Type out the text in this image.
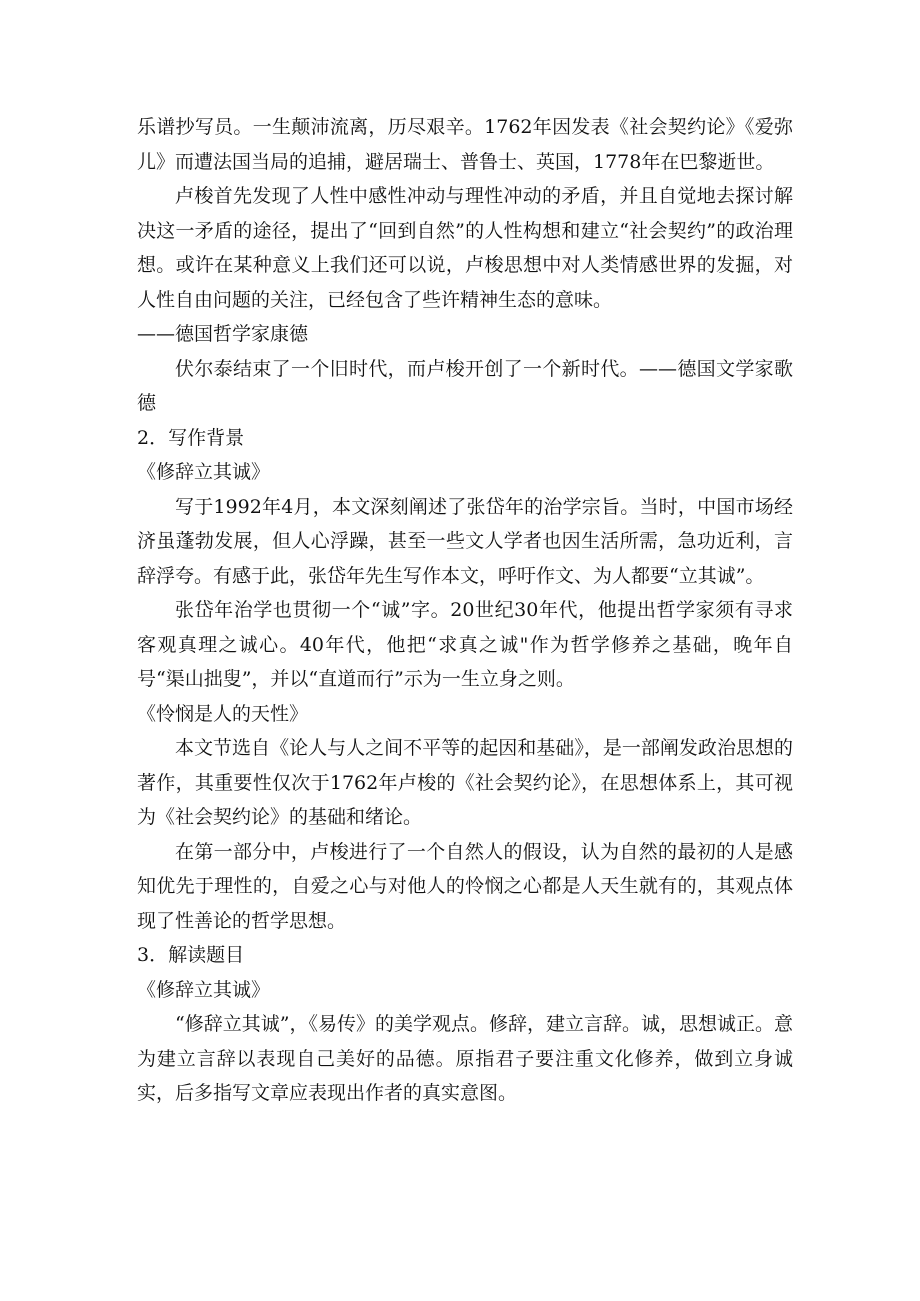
乐谱抄写员。一生颠沛流离，历尽艰辛。1762年因发表《社会契约论》《爱弥儿》而遭法国当局的追捕，避居瑞士、普鲁士、英国，1778年在巴黎逝世。

卢梭首先发现了人性中感性冲动与理性冲动的矛盾，并且自觉地去探讨解决这一矛盾的途径，提出了“回到自然”的人性构想和建立“社会契约”的政治理想。或许在某种意义上我们还可以说，卢梭思想中对人类情感世界的发掘，对人性自由问题的关注，已经包含了些许精神生态的意味。

——德国哲学家康德

伏尔泰结束了一个旧时代，而卢梭开创了一个新时代。——德国文学家歌德

2．写作背景

《修辞立其诚》

写于1992年4月，本文深刻阐述了张岱年的治学宗旨。当时，中国市场经济虽蓬勃发展，但人心浮躁，甚至一些文人学者也因生活所需，急功近利，言辞浮夸。有感于此，张岱年先生写作本文，呼吁作文、为人都要“立其诚”。

张岱年治学也贯彻一个“诚”字。20世纪30年代，他提出哲学家须有寻求客观真理之诚心。40年代，他把“求真之诚"作为哲学修养之基础，晚年自号“渠山拙叟”，并以“直道而行”示为一生立身之则。

《怜悯是人的天性》

本文节选自《论人与人之间不平等的起因和基础》，是一部阐发政治思想的著作，其重要性仅次于1762年卢梭的《社会契约论》，在思想体系上，其可视为《社会契约论》的基础和绪论。

在第一部分中，卢梭进行了一个自然人的假设，认为自然的最初的人是感知优先于理性的，自爱之心与对他人的怜悯之心都是人天生就有的，其观点体现了性善论的哲学思想。

3．解读题目

《修辞立其诚》

“修辞立其诚”，《易传》的美学观点。修辞，建立言辞。诚，思想诚正。意为建立言辞以表现自己美好的品德。原指君子要注重文化修养，做到立身诚实，后多指写文章应表现出作者的真实意图。
